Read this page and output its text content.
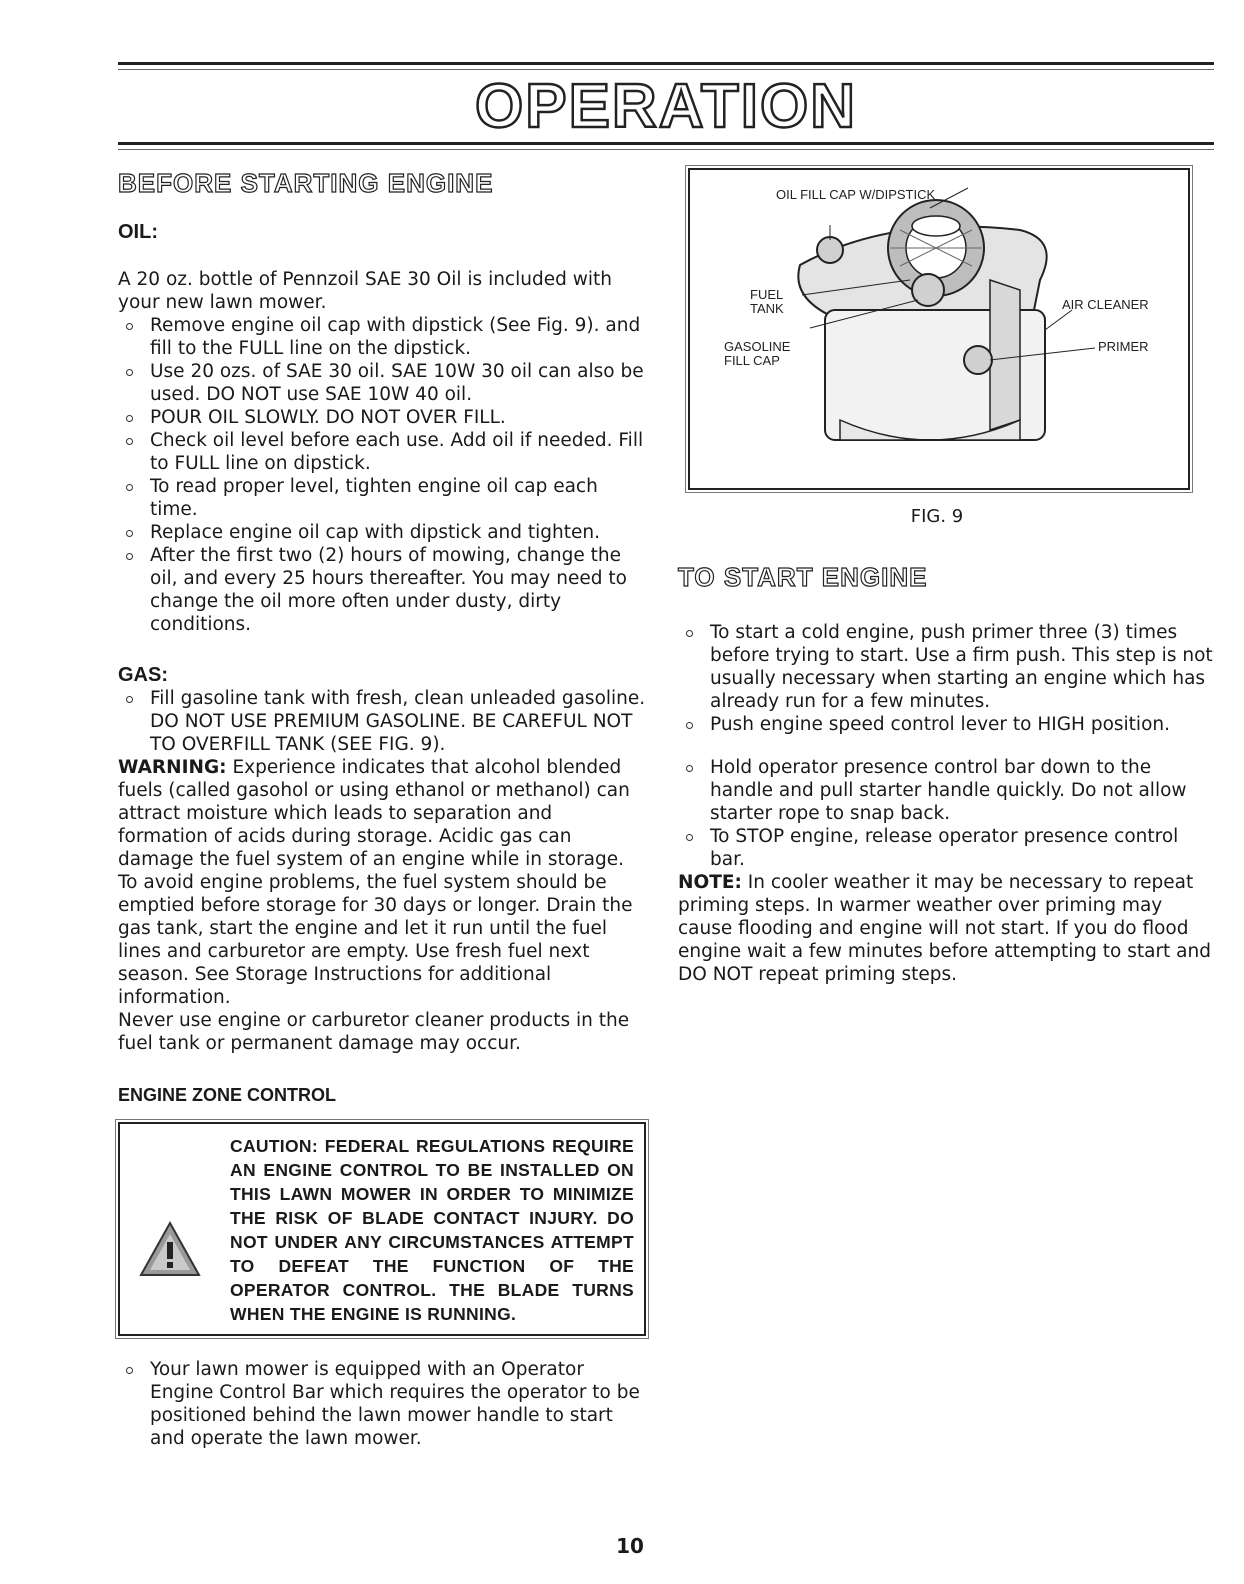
OPERATION
BEFORE STARTING ENGINE
OIL:

A 20 oz. bottle of Pennzoil SAE 30 Oil is included with your new lawn mower.

Remove engine oil cap with dipstick (See Fig. 9). and fill to the FULL line on the dipstick.
Use 20 ozs. of SAE 30 oil. SAE 10W 30 oil can also be used. DO NOT use SAE 10W 40 oil.
POUR OIL SLOWLY. DO NOT OVER FILL.
Check oil level before each use. Add oil if needed. Fill to FULL line on dipstick.
To read proper level, tighten engine oil cap each time.
Replace engine oil cap with dipstick and tighten.
After the first two (2) hours of mowing, change the oil, and every 25 hours thereafter. You may need to change the oil more often under dusty, dirty conditions.
GAS:
Fill gasoline tank with fresh, clean unleaded gasoline. DO NOT USE PREMIUM GASOLINE. BE CAREFUL NOT TO OVERFILL TANK (SEE FIG. 9).

WARNING: Experience indicates that alcohol blended fuels (called gasohol or using ethanol or methanol) can attract moisture which leads to separation and formation of acids during storage. Acidic gas can damage the fuel system of an engine while in storage. To avoid engine problems, the fuel system should be emptied before storage for 30 days or longer. Drain the gas tank, start the engine and let it run until the fuel lines and carburetor are empty. Use fresh fuel next season. See Storage Instructions for additional information.

Never use engine or carburetor cleaner products in the fuel tank or permanent damage may occur.

ENGINE ZONE CONTROL
CAUTION: FEDERAL REGULATIONS REQUIRE AN ENGINE CONTROL TO BE INSTALLED ON THIS LAWN MOWER IN ORDER TO MINIMIZE THE RISK OF BLADE CONTACT INJURY. DO NOT UNDER ANY CIRCUMSTANCES ATTEMPT TO DEFEAT THE FUNCTION OF THE OPERATOR CONTROL. THE BLADE TURNS WHEN THE ENGINE IS RUNNING.
Your lawn mower is equipped with an Operator Engine Control Bar which requires the operator to be positioned behind the lawn mower handle to start and operate the lawn mower.
OIL FILL CAP W/DIPSTICK
FUEL TANK
GASOLINE FILL CAP
AIR CLEANER
PRIMER
FIG. 9
TO START ENGINE
To start a cold engine, push primer three (3) times before trying to start. Use a firm push. This step is not usually necessary when starting an engine which has already run for a few minutes.
Push engine speed control lever to HIGH position.
Hold operator presence control bar down to the handle and pull starter handle quickly. Do not allow starter rope to snap back.
To STOP engine, release operator presence control bar.

NOTE: In cooler weather it may be necessary to repeat priming steps. In warmer weather over priming may cause flooding and engine will not start. If you do flood engine wait a few minutes before attempting to start and DO NOT repeat priming steps.

10
